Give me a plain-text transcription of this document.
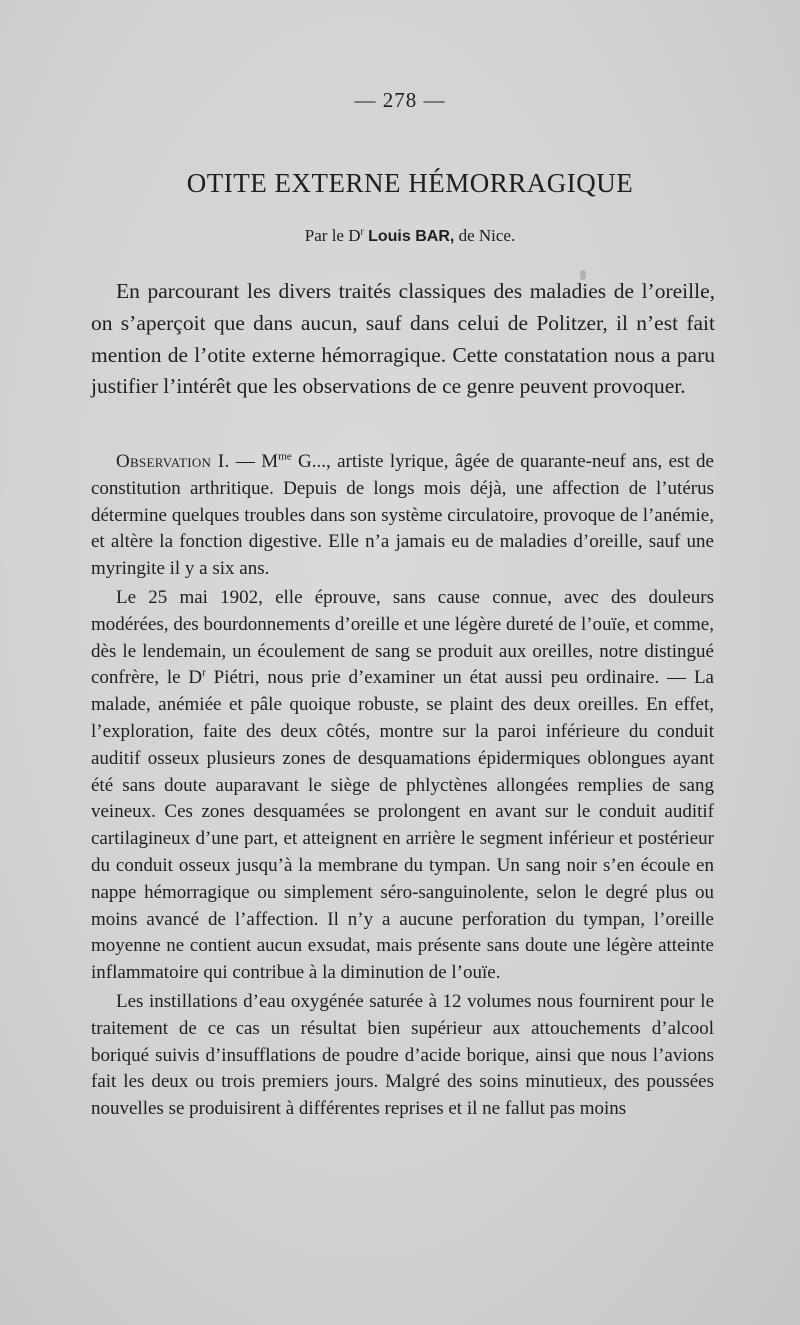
— 278 —
OTITE EXTERNE HÉMORRAGIQUE
Par le $D^r$ Louis BAR, de Nice.

En parcourant les divers traités classiques des maladies de l’oreille, on s’aperçoit que dans aucun, sauf dans celui de Politzer, il n’est fait mention de l’otite externe hémorragique. Cette constatation nous a paru justifier l’intérêt que les observations de ce genre peuvent provoquer.

Observation I. — $M^{me}$ G..., artiste lyrique, âgée de quarante-neuf ans, est de constitution arthritique. Depuis de longs mois déjà, une affection de l’utérus détermine quelques troubles dans son système circulatoire, provoque de l’anémie, et altère la fonction digestive. Elle n’a jamais eu de maladies d’oreille, sauf une myringite il y a six ans.

Le 25 mai 1902, elle éprouve, sans cause connue, avec des douleurs modérées, des bourdonnements d’oreille et une légère dureté de l’ouïe, et comme, dès le lendemain, un écoulement de sang se produit aux oreilles, notre distingué confrère, le $D^r$ Piétri, nous prie d’examiner un état aussi peu ordinaire. — La malade, anémiée et pâle quoique robuste, se plaint des deux oreilles. En effet, l’exploration, faite des deux côtés, montre sur la paroi inférieure du conduit auditif osseux plusieurs zones de desquamations épidermiques oblongues ayant été sans doute auparavant le siège de phlyctènes allongées remplies de sang veineux. Ces zones desquamées se prolongent en avant sur le conduit auditif cartilagineux d’une part, et atteignent en arrière le segment inférieur et postérieur du conduit osseux jusqu’à la membrane du tympan. Un sang noir s’en écoule en nappe hémorragique ou simplement séro-sanguinolente, selon le degré plus ou moins avancé de l’affection. Il n’y a aucune perforation du tympan, l’oreille moyenne ne contient aucun exsudat, mais présente sans doute une légère atteinte inflammatoire qui contribue à la diminution de l’ouïe.

Les instillations d’eau oxygénée saturée à 12 volumes nous fournirent pour le traitement de ce cas un résultat bien supérieur aux attouchements d’alcool boriqué suivis d’insufflations de poudre d’acide borique, ainsi que nous l’avions fait les deux ou trois premiers jours. Malgré des soins minutieux, des poussées nouvelles se produisirent à différentes reprises et il ne fallut pas moins
